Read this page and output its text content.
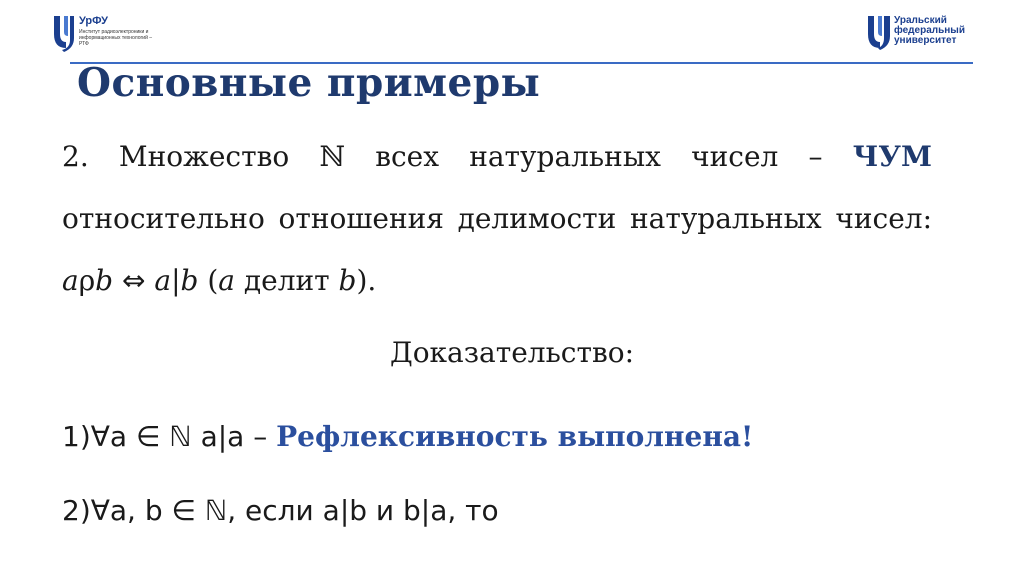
УрФУ
Институт радиоэлектроники и информационных технологий – РТФ
Уральский
федеральный
университет
Основные примеры
2. Множество ℕ всех натуральных чисел – ЧУМ относительно отношения делимости натуральных чисел: aρb ⇔ a|b (a делит b).
Доказательство:
1)∀a ∈ ℕ a|a – Рефлексивность выполнена!
2)∀a, b ∈ ℕ, если a|b и b|a, то
